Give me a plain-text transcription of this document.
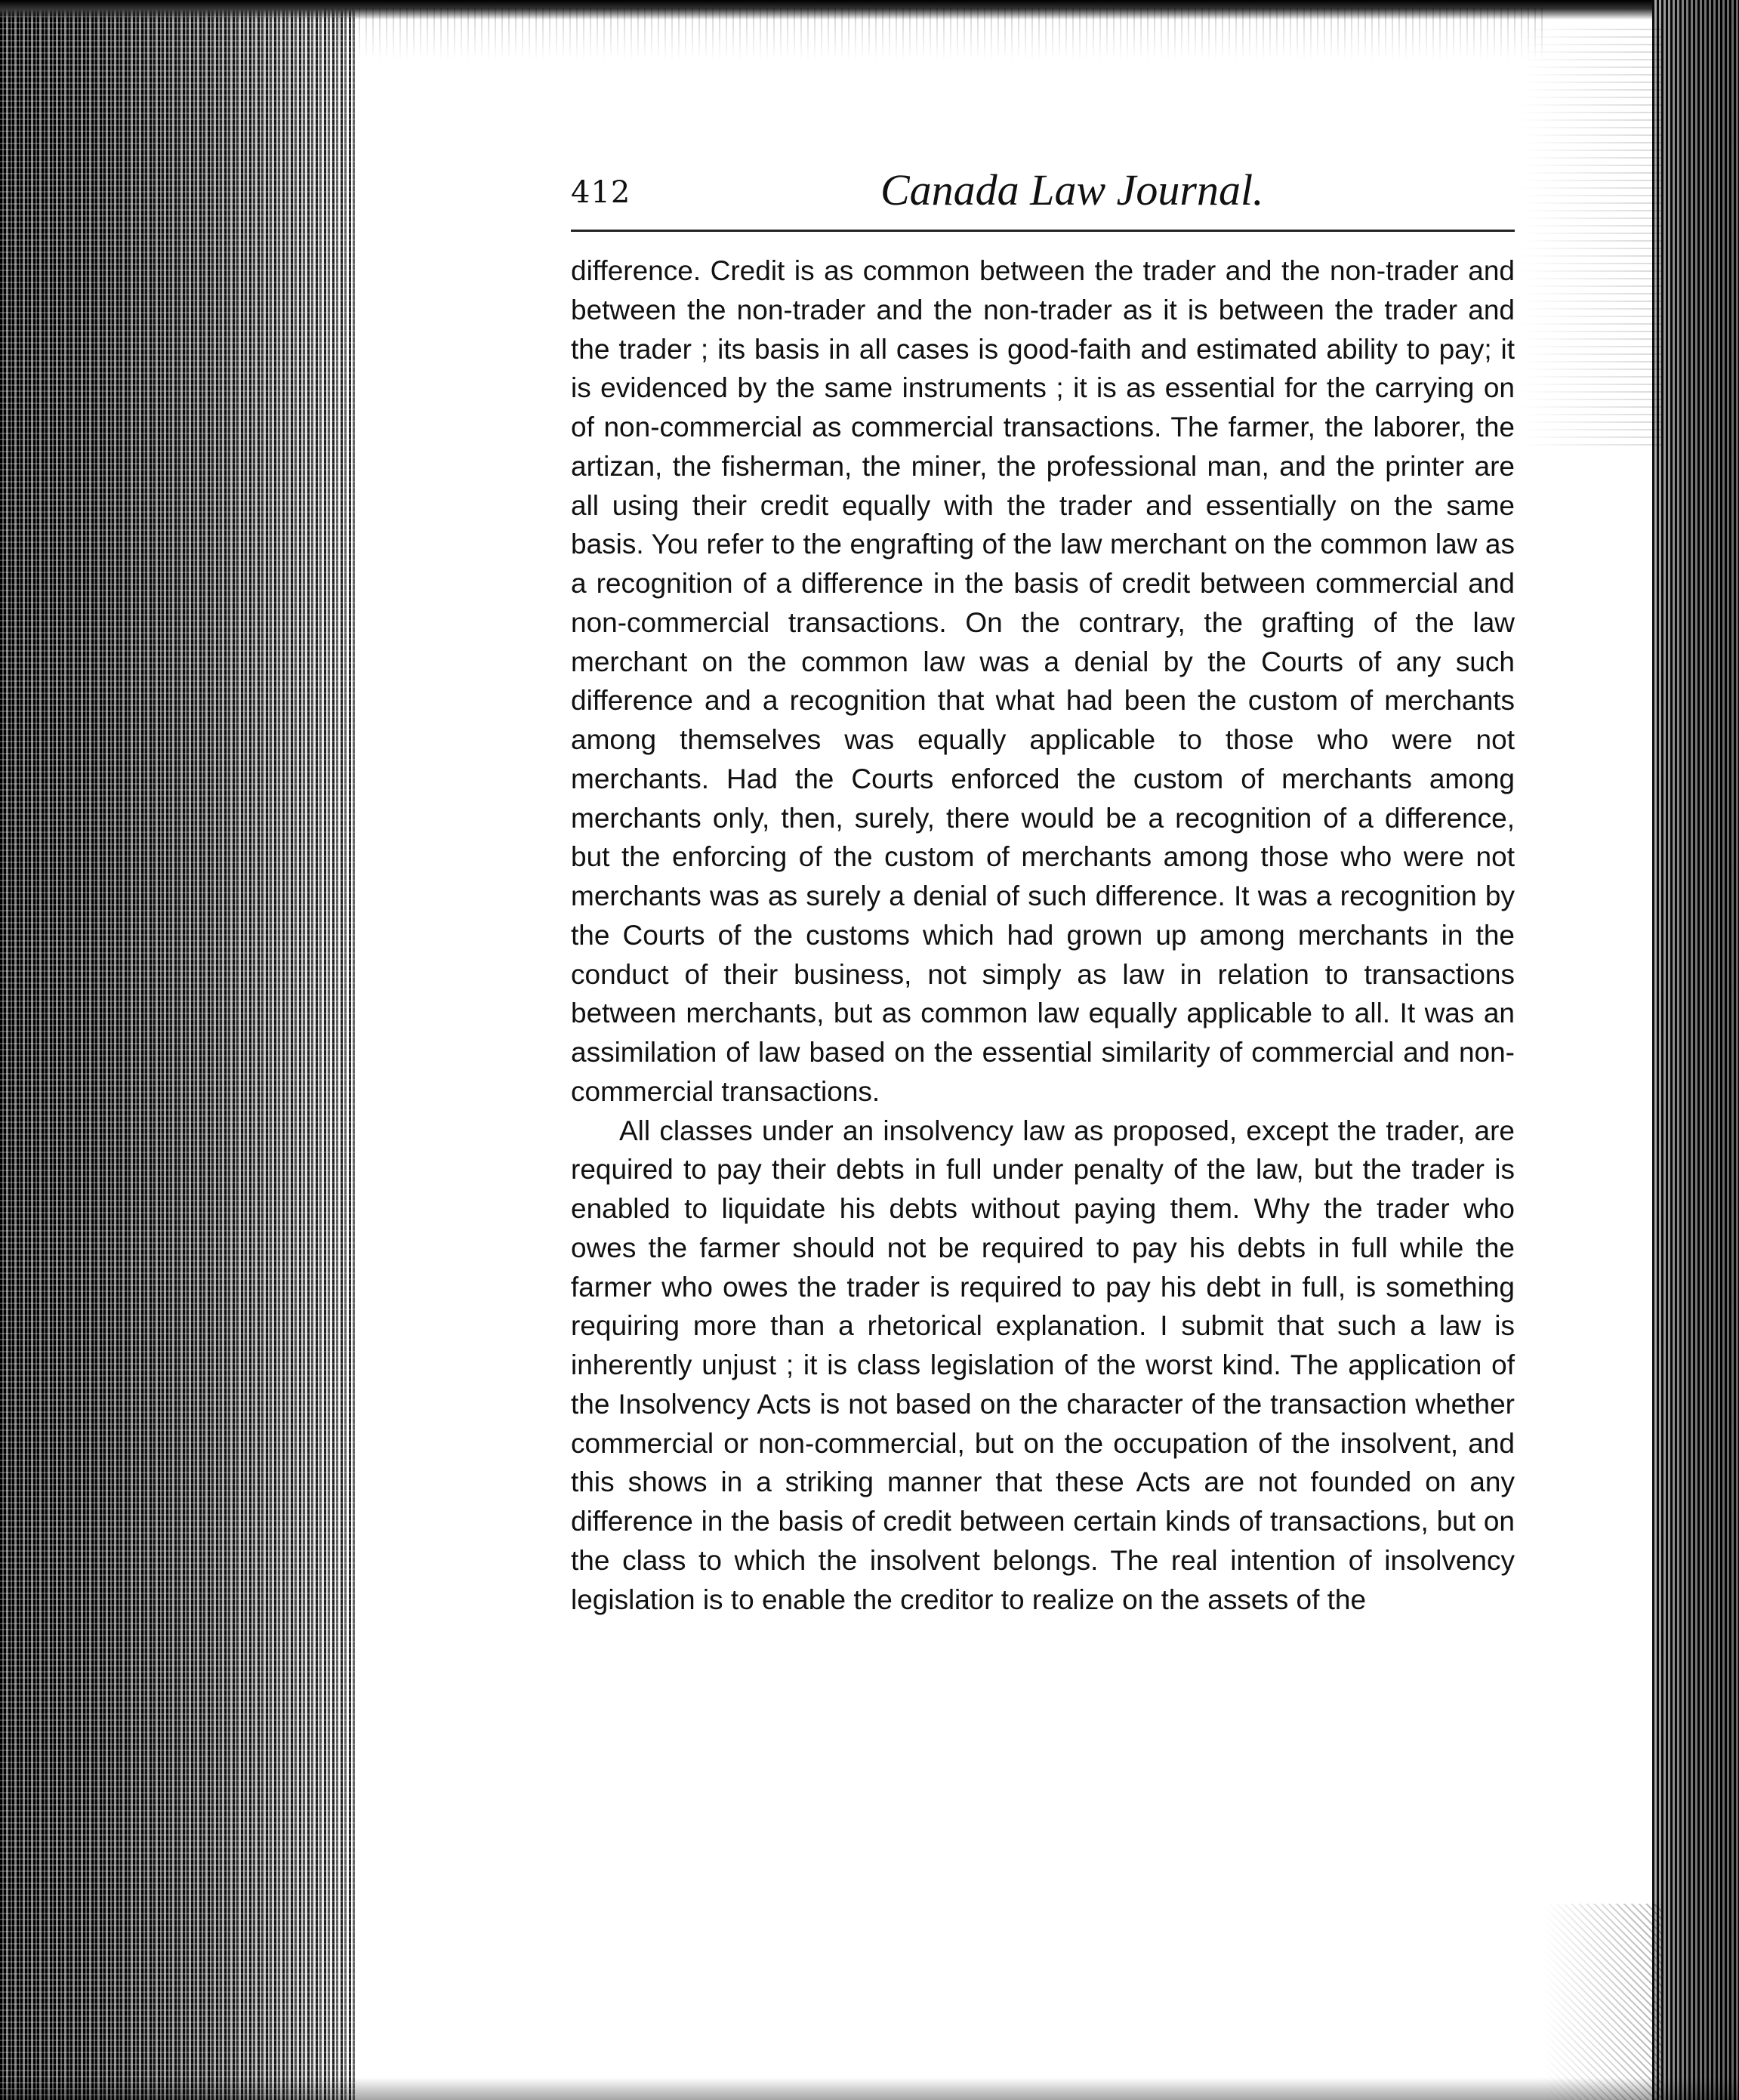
412	Canada Law Journal.

difference. Credit is as common between the trader and the non-trader and between the non-trader and the non-trader as it is between the trader and the trader ; its basis in all cases is good-faith and estimated ability to pay; it is evidenced by the same instruments ; it is as essential for the carrying on of non-commercial as commercial transactions. The farmer, the laborer, the artizan, the fisherman, the miner, the professional man, and the printer are all using their credit equally with the trader and essentially on the same basis. You refer to the engrafting of the law merchant on the common law as a recognition of a difference in the basis of credit between commercial and non-commercial transactions. On the contrary, the grafting of the law merchant on the common law was a denial by the Courts of any such difference and a recognition that what had been the custom of merchants among themselves was equally applicable to those who were not merchants. Had the Courts enforced the custom of merchants among merchants only, then, surely, there would be a recognition of a difference, but the enforcing of the custom of merchants among those who were not merchants was as surely a denial of such difference. It was a recognition by the Courts of the customs which had grown up among merchants in the conduct of their business, not simply as law in relation to transactions between merchants, but as common law equally applicable to all. It was an assimilation of law based on the essential similarity of commercial and non-commercial transactions.

All classes under an insolvency law as proposed, except the trader, are required to pay their debts in full under penalty of the law, but the trader is enabled to liquidate his debts without paying them. Why the trader who owes the farmer should not be required to pay his debts in full while the farmer who owes the trader is required to pay his debt in full, is something requiring more than a rhetorical explanation. I submit that such a law is inherently unjust ; it is class legislation of the worst kind. The application of the Insolvency Acts is not based on the character of the transaction whether commercial or non-commercial, but on the occupation of the insolvent, and this shows in a striking manner that these Acts are not founded on any difference in the basis of credit between certain kinds of transactions, but on the class to which the insolvent belongs. The real intention of insolvency legislation is to enable the creditor to realize on the assets of the
